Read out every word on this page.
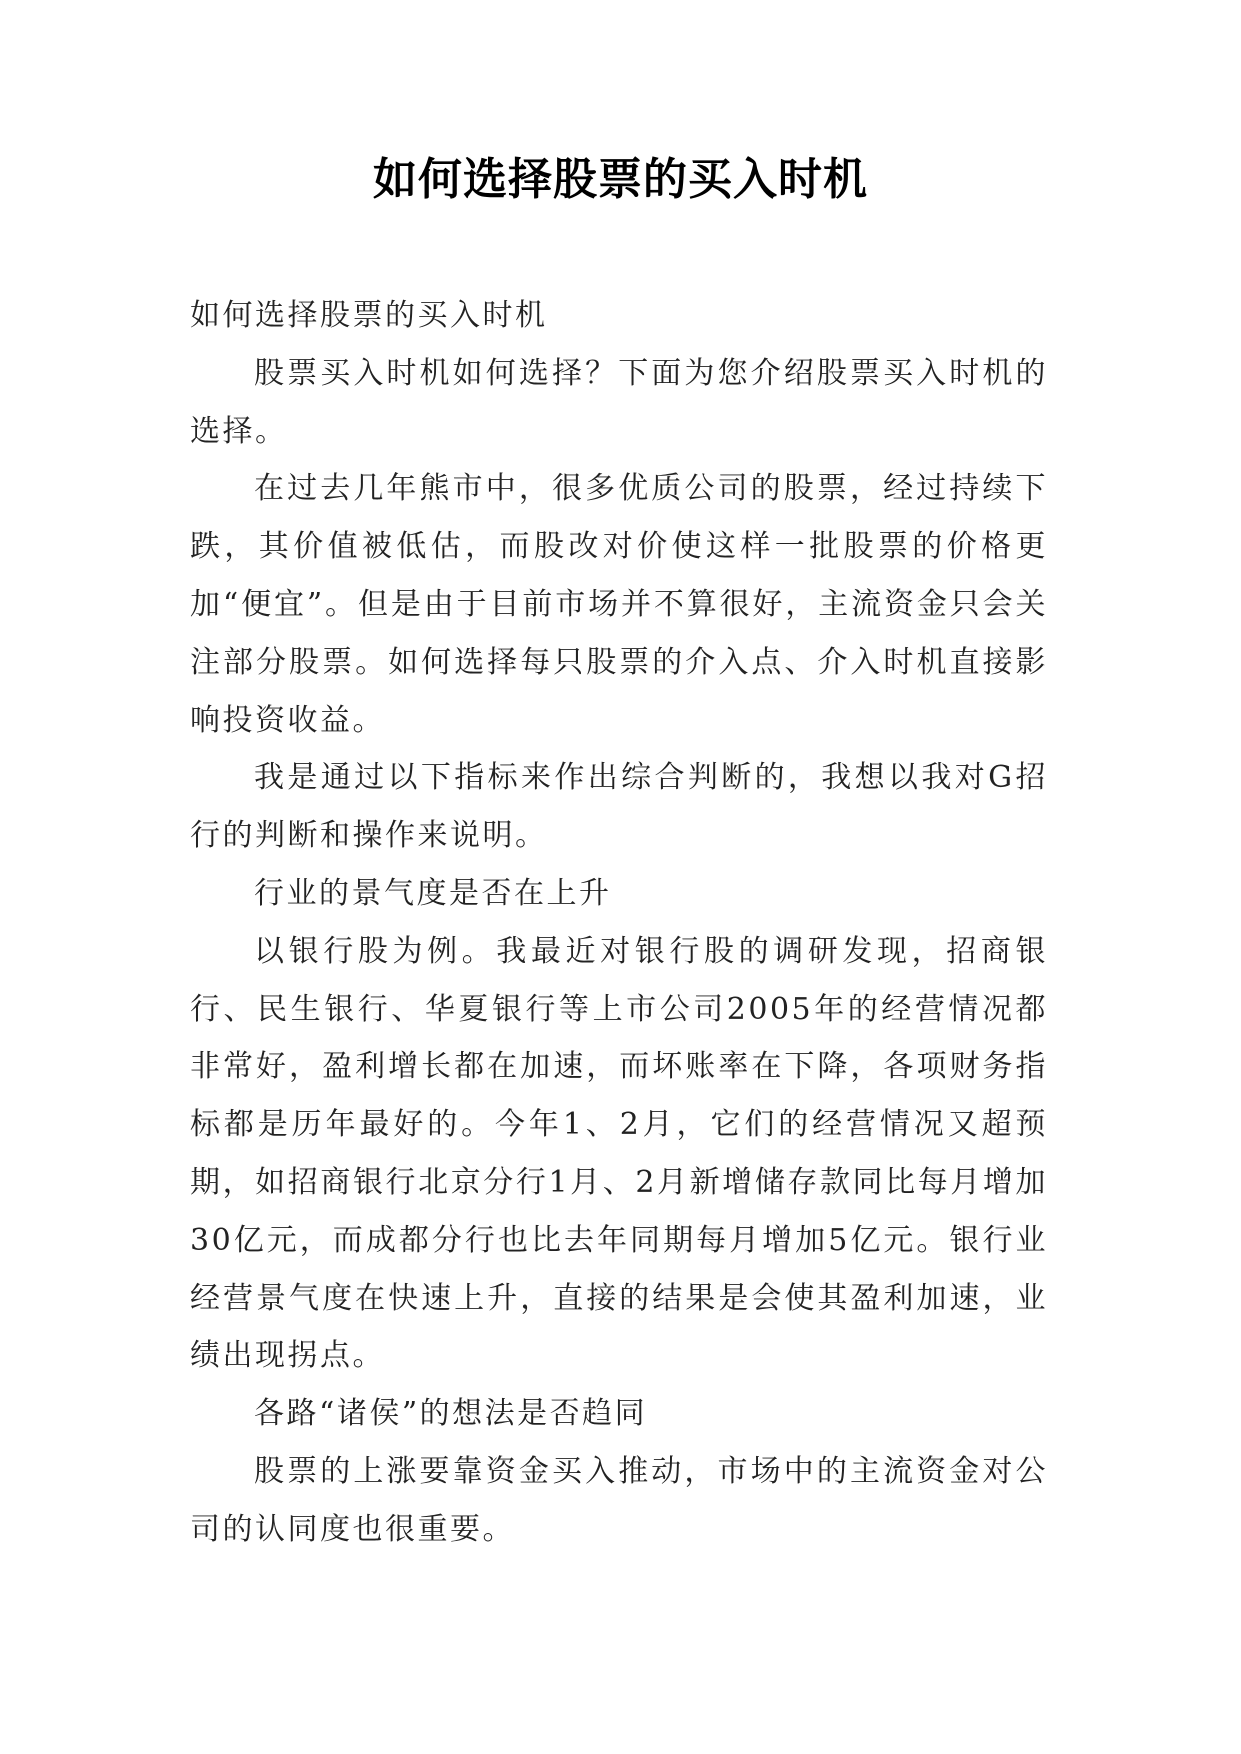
如何选择股票的买入时机

如何选择股票的买入时机

股票买入时机如何选择？下面为您介绍股票买入时机的选择。

在过去几年熊市中，很多优质公司的股票，经过持续下跌，其价值被低估，而股改对价使这样一批股票的价格更加“便宜”。但是由于目前市场并不算很好，主流资金只会关注部分股票。如何选择每只股票的介入点、介入时机直接影响投资收益。

我是通过以下指标来作出综合判断的，我想以我对G招行的判断和操作来说明。

行业的景气度是否在上升

以银行股为例。我最近对银行股的调研发现，招商银行、民生银行、华夏银行等上市公司2005年的经营情况都非常好，盈利增长都在加速，而坏账率在下降，各项财务指标都是历年最好的。今年1、2月，它们的经营情况又超预期，如招商银行北京分行1月、2月新增储存款同比每月增加30亿元，而成都分行也比去年同期每月增加5亿元。银行业经营景气度在快速上升，直接的结果是会使其盈利加速，业绩出现拐点。

各路“诸侯”的想法是否趋同

股票的上涨要靠资金买入推动，市场中的主流资金对公司的认同度也很重要。
